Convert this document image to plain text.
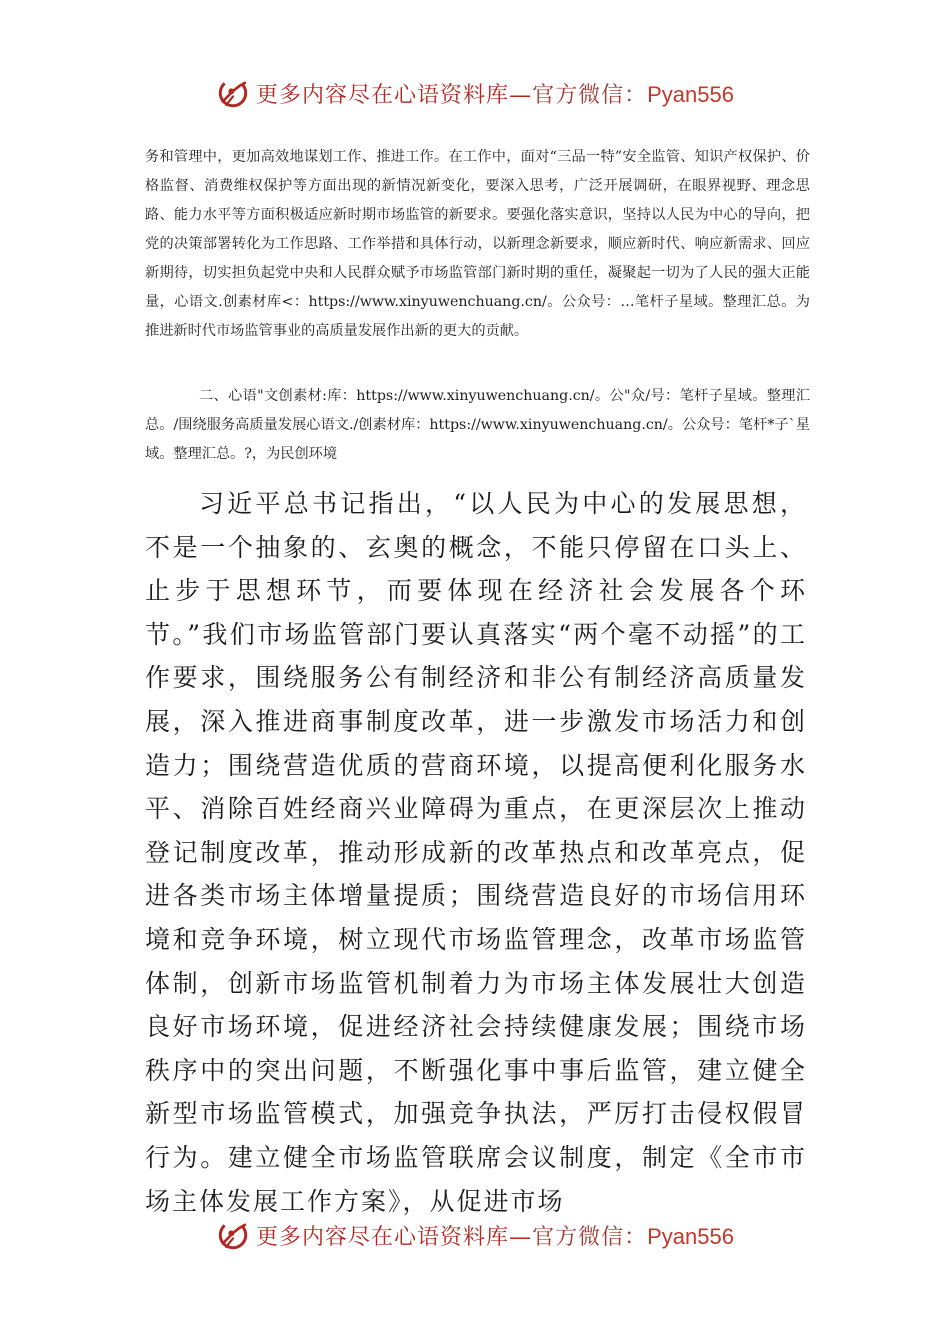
更多内容尽在心语资料库—官方微信：Pyan556

务和管理中，更加高效地谋划工作、推进工作。在工作中，面对“三品一特”安全监管、知识产权保护、价格监督、消费维权保护等方面出现的新情况新变化，要深入思考，广泛开展调研，在眼界视野、理念思路、能力水平等方面积极适应新时期市场监管的新要求。要强化落实意识，坚持以人民为中心的导向，把党的决策部署转化为工作思路、工作举措和具体行动，以新理念新要求，顺应新时代、响应新需求、回应新期待，切实担负起党中央和人民群众赋予市场监管部门新时期的重任，凝聚起一切为了人民的强大正能量，心语文.创素材库<：https://www.xinyuwenchuang.cn/。公众号：…笔杆子星域。整理汇总。为推进新时代市场监管事业的高质量发展作出新的更大的贡献。

二、心语"文创素材:库：https://www.xinyuwenchuang.cn/。公"众/号：笔杆子星域。整理汇总。/围绕服务高质量发展心语文./创素材库：https://www.xinyuwenchuang.cn/。公众号：笔杆*子`星域。整理汇总。?，为民创环境

习近平总书记指出，“以人民为中心的发展思想，不是一个抽象的、玄奥的概念，不能只停留在口头上、止步于思想环节，而要体现在经济社会发展各个环节。”我们市场监管部门要认真落实“两个毫不动摇”的工作要求，围绕服务公有制经济和非公有制经济高质量发展，深入推进商事制度改革，进一步激发市场活力和创造力；围绕营造优质的营商环境，以提高便利化服务水平、消除百姓经商兴业障碍为重点，在更深层次上推动登记制度改革，推动形成新的改革热点和改革亮点，促进各类市场主体增量提质；围绕营造良好的市场信用环境和竞争环境，树立现代市场监管理念，改革市场监管体制，创新市场监管机制着力为市场主体发展壮大创造良好市场环境，促进经济社会持续健康发展；围绕市场秩序中的突出问题，不断强化事中事后监管，建立健全新型市场监管模式，加强竞争执法，严厉打击侵权假冒行为。建立健全市场监管联席会议制度，制定《全市市场主体发展工作方案》，从促进市场

更多内容尽在心语资料库—官方微信：Pyan556
